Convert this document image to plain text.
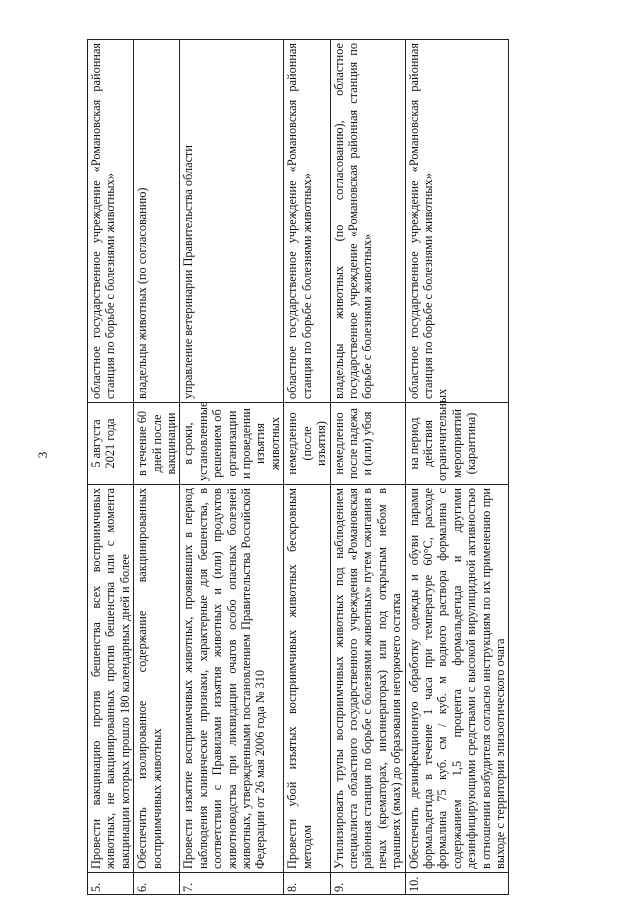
3
5.	Провести вакцинацию против бешенства всех восприимчивых животных, не вакцинированных против бешенства или с момента вакцинации которых прошло 180 календарных дней и более	5 августа 2021 года	областное государственное учреждение «Романовская районная станция по борьбе с болезнями животных»
6.	Обеспечить изолированное содержание вакцинированных восприимчивых животных	в течение 60 дней после вакцинации	владельцы животных (по согласованию)
7.	Провести изъятие восприимчивых животных, проявивших в период наблюдения клинические признаки, характерные для бешенства, в соответствии с Правилами изъятия животных и (или) продуктов животноводства при ликвидации очагов особо опасных болезней животных, утвержденными постановлением Правительства Российской Федерации от 26 мая 2006 года № 310	в сроки, установленные решением об организации и проведении изъятия животных	управление ветеринарии Правительства области
8.	Провести убой изъятых восприимчивых животных бескровным методом	немедленно (после изъятия)	областное государственное учреждение «Романовская районная станция по борьбе с болезнями животных»
9.	Утилизировать трупы восприимчивых животных под наблюдением специалиста областного государственного учреждения «Романовская районная станция по борьбе с болезнями животных» путем сжигания в печах (крематорах, инсинераторах) или под открытым небом в траншеях (ямах) до образования негорючего остатка	немедленно после падежа и (или) убоя	владельцы животных (по согласованию), областное государственное учреждение «Романовская районная станция по борьбе с болезнями животных»
10.	Обеспечить дезинфекционную обработку одежды и обуви парами формальдегида в течение 1 часа при температуре 60°С, расходе формалина 75 куб. см / куб. м водного раствора формалина с содержанием 1,5 процента формальдегида и другими дезинфицирующими средствами с высокой вирулицидной активностью в отношении возбудителя согласно инструкциям по их применению при выходе с территории эпизоотического очага	на период действия ограничительных мероприятий (карантина)	областное государственное учреждение «Романовская районная станция по борьбе с болезнями животных»
